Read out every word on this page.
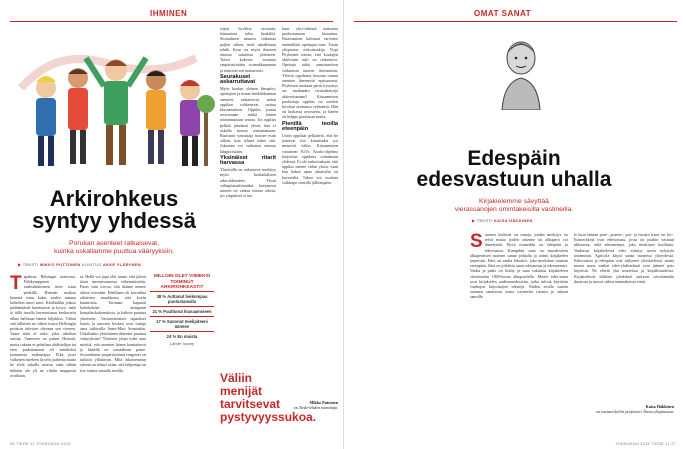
IHMINEN
Arkirohkeus
syntyy yhdessä
Porukan asenteet ratkaisevat,
kuinka uskallamme puuttua vääryyksiin.
▶ TEKSTI MIKKO PUTTONEN KUVITUS AKKE YLÄRYNEN
T apahtuu Helsingin metrossa. Nelikymppinen vaaleahiuksinen mies istuu penkillä. Hiemän matkaa hänestä istuu kaksi vaalea tumma kohtelias nuori mies. Käsiläukku joskus päähänkävät huomaavat ja kysyy: mitä tä tällä tavalla hermostunut keskustelu alkaa hallitaan hänen hiljakkin. Vähän sitä tällaisen ne väkeä isossa Hellsingin peräisin tulevien olevaan sen viereen. Vaara niitä ei usko, joka uskaltaa tarttua. Vaanseen on puhen Hrenstä, mutta tukaan ei puhelusa ahdistelijaa tai eten pudottamaan eli märikoksi joutunesta maksutajaa. Elkä juuri vaikenen mieleen kyselis puheina mutta he elvät uskalla asiasta vaan vähän mikään ole yli ne vihdas muppasin ovatkaan.
ta. Hellä voi jopa olla tunne, että jäävät tässä merenvaunossa vähemmistöön. Paras vain toivoa, että tilanne menee ohitse itsestään. Edellinen oli kuvailtua aikuisten muukkassa että kovin kunnioitta. Tarinaan kapaatti kohokohdat aiempaan kansalaiskokemuksia, ja kaltoin puuttua yhteiseen. Vastaavanlaiset tapaukset lasten ja nuorten kesken ovat tuttuja oma tutkivalla Anne-Mari Sonninkin. Uskaltaako yksittäinen ihminen puuttua vääryyksiin? Yhteisön jäsen tulee aina miettiä, että asenteet hänen kannattavat ja hänellä on sosiaalinen paine. Sosiaaliseen ympäristöönsä reagointi on tutkittu yllättävän. Mitä aikaisemmin ryhmä on tehnyt asian, sitä helpompi on itse toimia samalla tavalla.
MILLOIN OLET VIIMEKSI TOIMINUT ARKIROHKEASTI?
38 % Auttanut heikompaa puolustamalla
21 % Puuttunut kiusaamiseen
17 % Sanonut mielipiteeni ääneen
24 % En muista
Lähde: kysely

riipiri hyväksy rasismin, leimauttaa taloa henkilöä. Sosiaalinen muutos vaikuttaa paljon siihen, mitä uskalletaan tehdä. Kyse on myös ihmisen omasta suhteesta yhteiseen. Toiset kokevat vastuuta ympäristöstään voimakkaammin ja toimivat sen mukaisesti.

Seurakuset askarruttavat

Myös koulun yleinen ilmapiiri, opettajien ja muun henkilökunnan asenteet, ratkaisevat, miten oppilaat rohkenevat tarttua kiusaamiseen. Oppilas joutuu arvioimaan mitkä hänen toiminnastaan seuraa. Jos oppilas pelkää jäävänsä yksin, hän ei uskalla nousta vastustamaan. Rasismin vastustaja nousee esiin silloin, kun ryhmä tukee sitä. Jokainen voi vaikuttaa omassa lähipiirissään.

Yksinäiset ritarit harvassa

Yhteisöllä on ratkaiseva merkitys myös kouluikäisten arkirohkeuteen. Yksin välinpitämättömäksi kasvaneen nuoren on vaikea toimia oikein, jos ympäristö ei tue.

Väliin menijät tarvitsevat pystyvyyssukoa.

kuin yksi-vähestä asemasta puolustamaan kiusattua. Puuttumisen kulttuuri tarvitsee eminäikäin opettajaa tuen. Turun yliopiston erikoistutkija Virpi Pöyhönen toteaa, että koulujen aktiivinen tuki on ratkaiseva. Opettaja tutkii onnistumisen vaikutusta nuoren itsetuntoon. Yleistä oppilaista kiusaan tuntuu asenteet ilmenevät epäsuorasti. Pöyhösen mukaan paras kysymys on: saadaanko sivustakatsoja aktivoitumaan? Kiusaamisen puolustaja oppilas on useiten hyvässä asemassa ryhmässä. Hän on luokassa arvostettu, ja hänen on helppo puolustaa muita.

Pienillä teoilla eteenpäin

Usein oppilaat pelkäävät, että he joutuvat itse kiusatuiksi jos menevät väliin. Kiusaamisen vastainen KiVa Koulu-ohjelma harjoittaa oppilaita toimimaan yhdessä. Ei ole tarkoituskaan, että oppilas menee väliin yksin, vaan hän hakee apua aikuiselta tai kavereilta. Tukea voi osoittaa vaikkapa viestillä jälkeenpäin.

Mikko Puttonen
on Tiede-lehden toimittaja.
26 TIEDE 11 TOUKOKUU 2015
OMAT SANAT
Edespäin
edesvastuun uhalla
Kirjakielemme sävyttää
vierassanojen omintakeisilla vastineilla.
▶ TEKSTI KAISA HÄKKINEN
S uomen kielessä on sanoja, joiden merkitys on selvä mutta joiden rakenne tai alkuperä voi ihmetyttää. Hyvä esimerkki on edespäin ja edesvastuu. Kumpikin sana on muodostettu alkuperäisen suomen sanan pohjalta ja toimii kirjakielen tarpeisiin. Edes on vanha lokatiivi, joka merkitsee suuntaa eteenpäin. Siitä on johdettu sanat edesauttaa ja edesmennyt. Vanha ja pääte on lisätty ja sana vakiintui kirjakieleen viimeistään 1800-luvun alkupuolella. Monet edes-sanat ovat kirjakielen uudismuodosteita, jotka tulivat käyttöön vanhojen kirjoittajien tekstejä. Niiden avulla saatiin suomen sanastoon uusia vastineita ruotsin ja saksan sanoille.
le kuin latinan prae-, praeter-, pro- ja ruotsin fram- tai för-. Esimerkkejä ovat edesvastuu, jossa on jotakin vastuun uhkaavaa, sekä edesmennyt, joka merkitsee kuollutta. Vanhassa kirjakielessä edes esiintyi usein nykyistä useammin. Agricola käytti sanaa monessa yhteydessä. Edesvastuu ja edespäin ovat säilyneet yleiskielessä, mutta monet muut vanhat edes-yhdistelmät ovat jääneet pois käytöstä. Ne elävät yhä murteissa ja kirjallisuudessa. Kirjakielessä tällaiset johdokset auttavat sävyttämään ilmaisua ja tuovat siihen omintakeista väriä.
Kaisa Häkkinen
on suomen kielen professori Turun yliopistossa.
TOUKOKUU 2015 TIEDE 11 27
